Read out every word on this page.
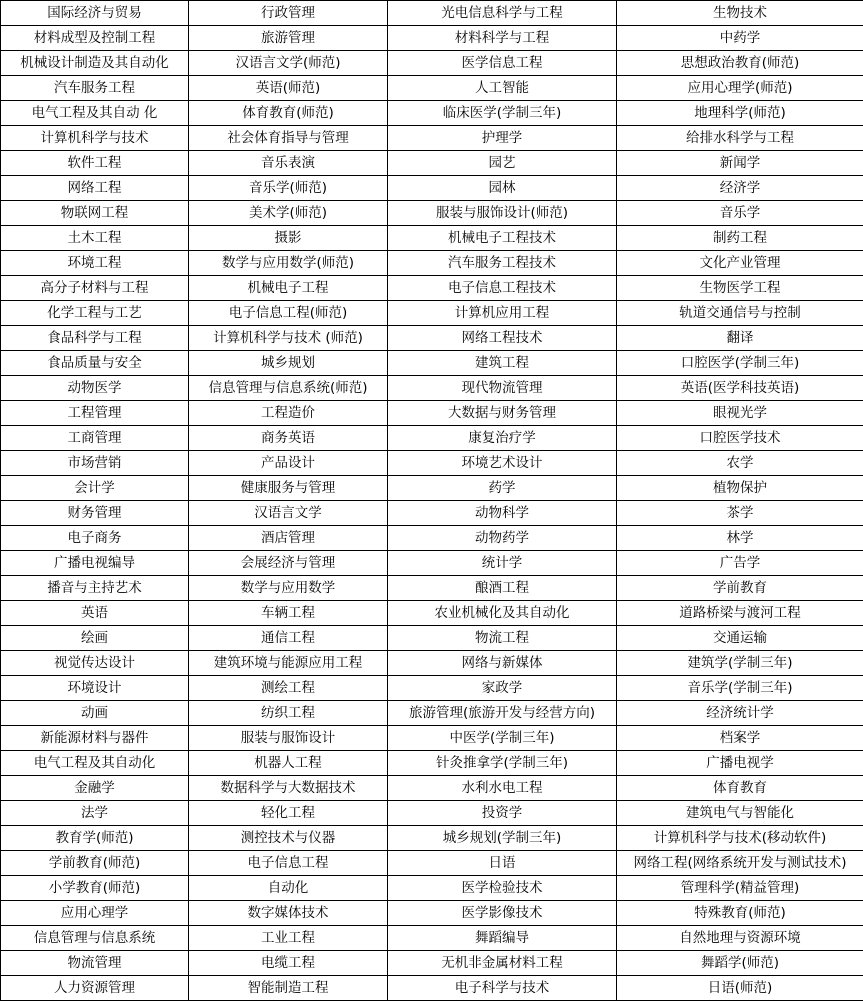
国际经济与贸易	行政管理	光电信息科学与工程	生物技术
材料成型及控制工程	旅游管理	材料科学与工程	中药学
机械设计制造及其自动化	汉语言文学(师范)	医学信息工程	思想政治教育(师范)
汽车服务工程	英语(师范)	人工智能	应用心理学(师范)
电气工程及其自动 化	体育教育(师范)	临床医学(学制三年)	地理科学(师范)
计算机科学与技术	社会体育指导与管理	护理学	给排水科学与工程
软件工程	音乐表演	园艺	新闻学
网络工程	音乐学(师范)	园林	经济学
物联网工程	美术学(师范)	服装与服饰设计(师范)	音乐学
土木工程	摄影	机械电子工程技术	制药工程
环境工程	数学与应用数学(师范)	汽车服务工程技术	文化产业管理
高分子材料与工程	机械电子工程	电子信息工程技术	生物医学工程
化学工程与工艺	电子信息工程(师范)	计算机应用工程	轨道交通信号与控制
食品科学与工程	计算机科学与技术 (师范)	网络工程技术	翻译
食品质量与安全	城乡规划	建筑工程	口腔医学(学制三年)
动物医学	信息管理与信息系统(师范)	现代物流管理	英语(医学科技英语)
工程管理	工程造价	大数据与财务管理	眼视光学
工商管理	商务英语	康复治疗学	口腔医学技术
市场营销	产品设计	环境艺术设计	农学
会计学	健康服务与管理	药学	植物保护
财务管理	汉语言文学	动物科学	茶学
电子商务	酒店管理	动物药学	林学
广播电视编导	会展经济与管理	统计学	广告学
播音与主持艺术	数学与应用数学	酿酒工程	学前教育
英语	车辆工程	农业机械化及其自动化	道路桥梁与渡河工程
绘画	通信工程	物流工程	交通运输
视觉传达设计	建筑环境与能源应用工程	网络与新媒体	建筑学(学制三年)
环境设计	测绘工程	家政学	音乐学(学制三年)
动画	纺织工程	旅游管理(旅游开发与经营方向)	经济统计学
新能源材料与器件	服装与服饰设计	中医学(学制三年)	档案学
电气工程及其自动化	机器人工程	针灸推拿学(学制三年)	广播电视学
金融学	数据科学与大数据技术	水利水电工程	体育教育
法学	轻化工程	投资学	建筑电气与智能化
教育学(师范)	测控技术与仪器	城乡规划(学制三年)	计算机科学与技术(移动软件)
学前教育(师范)	电子信息工程	日语	网络工程(网络系统开发与测试技术)
小学教育(师范)	自动化	医学检验技术	管理科学(精益管理)
应用心理学	数字媒体技术	医学影像技术	特殊教育(师范)
信息管理与信息系统	工业工程	舞蹈编导	自然地理与资源环境
物流管理	电缆工程	无机非金属材料工程	舞蹈学(师范)
人力资源管理	智能制造工程	电子科学与技术	日语(师范)
